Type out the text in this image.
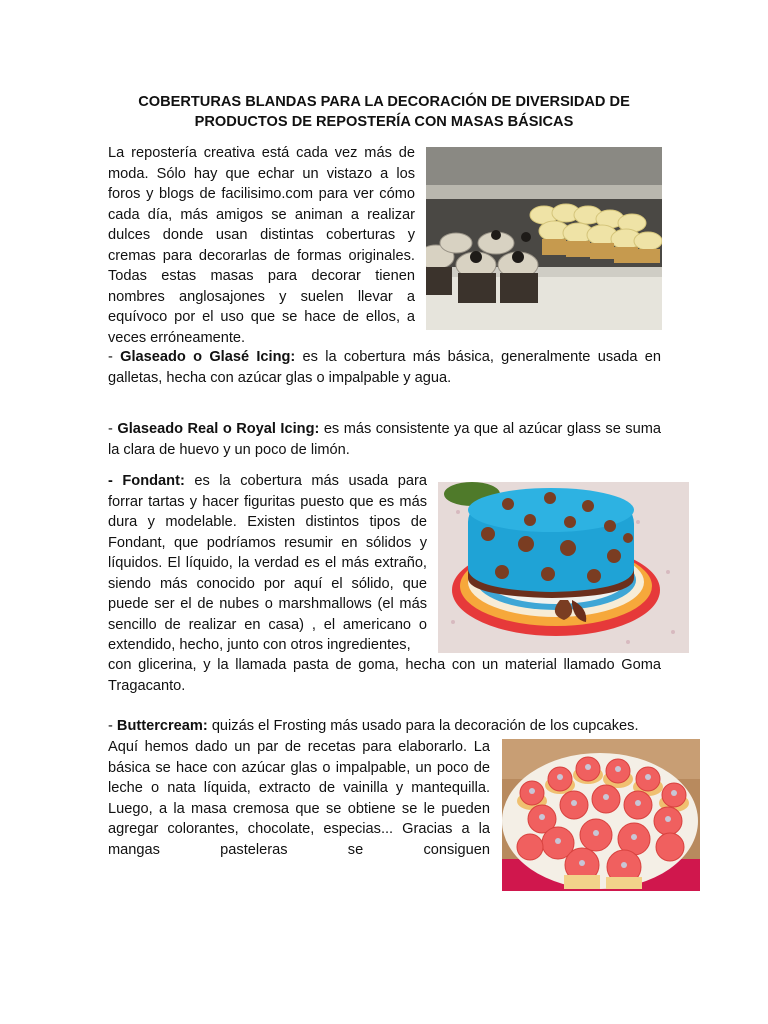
COBERTURAS BLANDAS PARA LA DECORACIÓN DE DIVERSIDAD DE
PRODUCTOS DE REPOSTERÍA CON MASAS BÁSICAS

La repostería creativa está cada vez más de moda. Sólo hay que echar un vistazo a los foros y blogs de facilisimo.com para ver cómo cada día, más amigos se animan a realizar dulces donde usan distintas coberturas y cremas para decorarlas de formas originales. Todas estas masas para decorar tienen nombres anglosajones y suelen llevar a equívoco por el uso que se hace de ellos, a veces erróneamente.

- Glaseado o Glasé Icing: es la cobertura más básica, generalmente usada en galletas, hecha con azúcar glas o impalpable y agua.

- Glaseado Real o Royal Icing: es más consistente ya que al azúcar glass se suma la clara de huevo y un poco de limón.

- Fondant: es la cobertura más usada para forrar tartas y hacer figuritas puesto que es más dura y modelable. Existen distintos tipos de Fondant, que podríamos resumir en sólidos y líquidos. El líquido, la verdad es el más extraño, siendo más conocido por aquí el sólido, que puede ser el de nubes o marshmallows (el más sencillo de realizar en casa) , el americano o extendido, hecho, junto con otros ingredientes,

con glicerina, y la llamada pasta de goma, hecha con un material llamado Goma Tragacanto.

- Buttercream: quizás el Frosting más usado para la decoración de los cupcakes.

Aquí hemos dado un par de recetas para elaborarlo. La básica se hace con azúcar glas o impalpable, un poco de leche o nata líquida, extracto de vainilla y mantequilla. Luego, a la masa cremosa que se obtiene se le pueden agregar colorantes, chocolate, especias... Gracias a la mangas pasteleras se consiguen
